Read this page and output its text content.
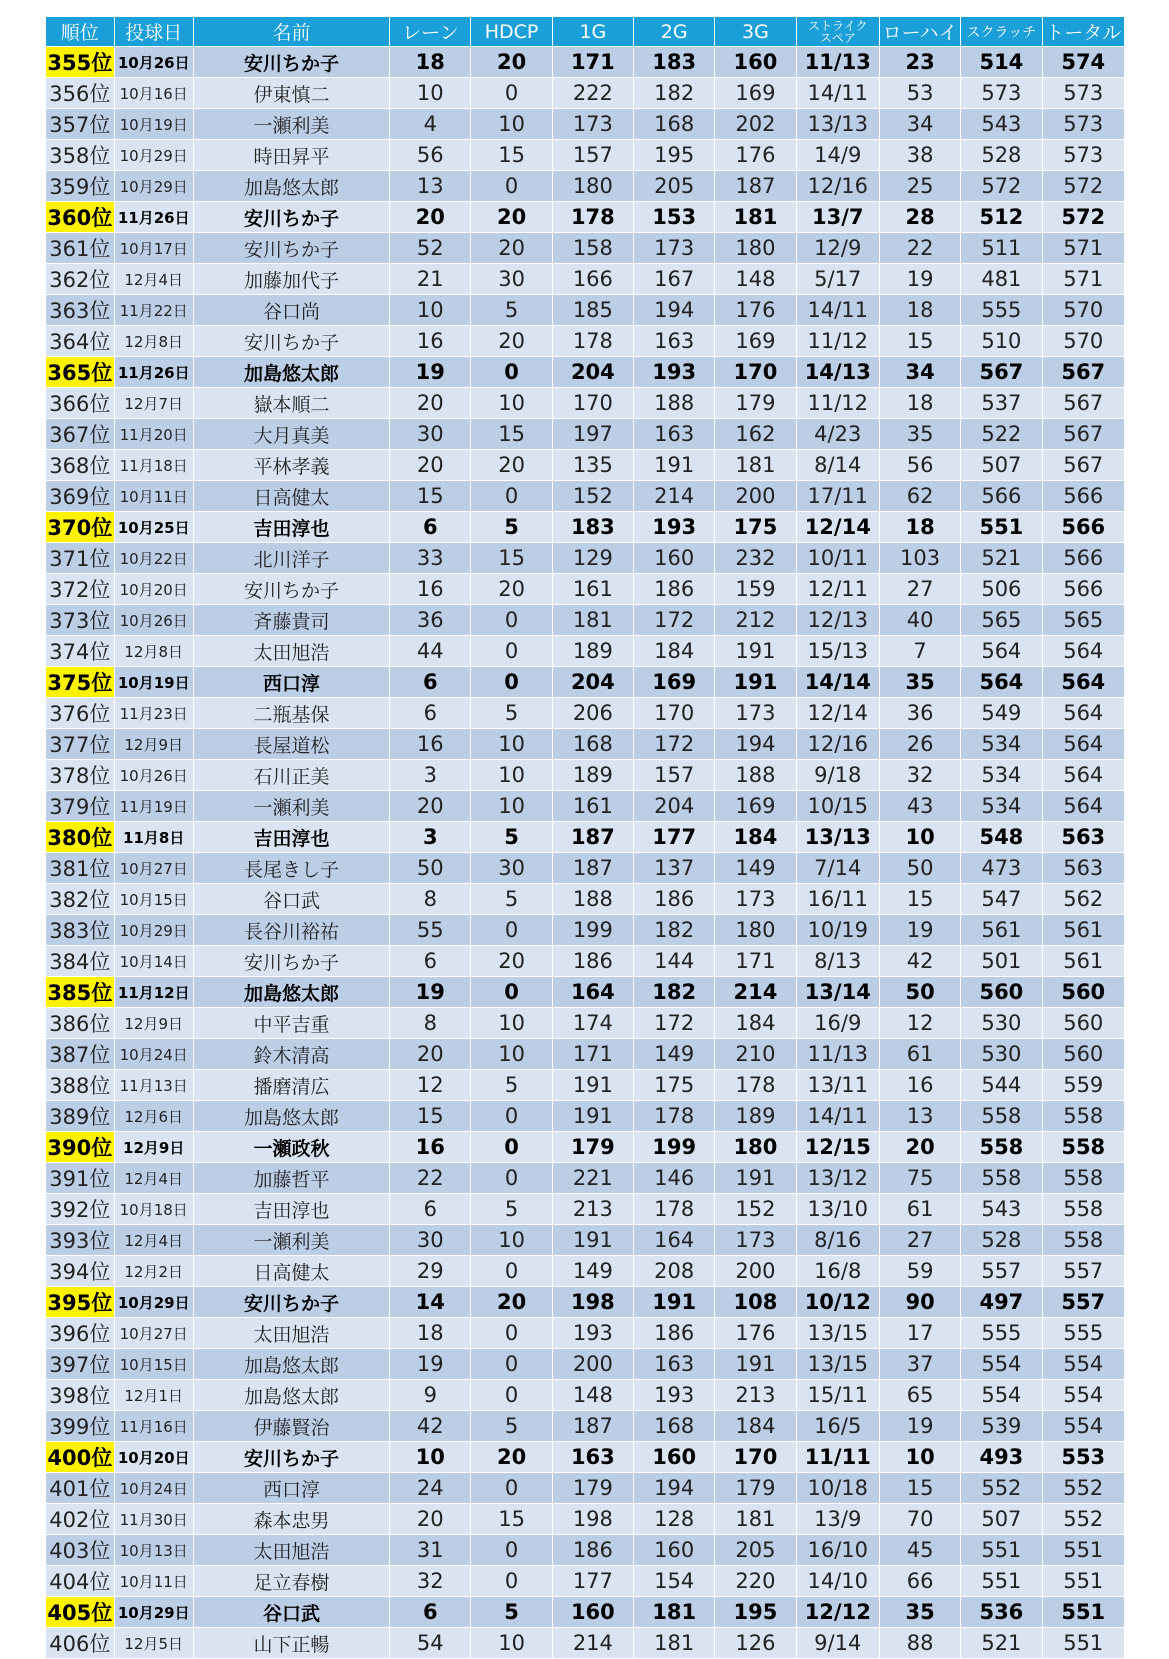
順位	投球日	名前	レーン	HDCP	1G	2G	3G	ストライク
スペア	ローハイ	スクラッチ	トータル
355位	10月26日	安川ちか子	18	20	171	183	160	11/13	23	514	574
356位	10月16日	伊東慎二	10	0	222	182	169	14/11	53	573	573
357位	10月19日	一瀬利美	4	10	173	168	202	13/13	34	543	573
358位	10月29日	時田昇平	56	15	157	195	176	14/9	38	528	573
359位	10月29日	加島悠太郎	13	0	180	205	187	12/16	25	572	572
360位	11月26日	安川ちか子	20	20	178	153	181	13/7	28	512	572
361位	10月17日	安川ちか子	52	20	158	173	180	12/9	22	511	571
362位	12月4日	加藤加代子	21	30	166	167	148	5/17	19	481	571
363位	11月22日	谷口尚	10	5	185	194	176	14/11	18	555	570
364位	12月8日	安川ちか子	16	20	178	163	169	11/12	15	510	570
365位	11月26日	加島悠太郎	19	0	204	193	170	14/13	34	567	567
366位	12月7日	嶽本順二	20	10	170	188	179	11/12	18	537	567
367位	11月20日	大月真美	30	15	197	163	162	4/23	35	522	567
368位	11月18日	平林孝義	20	20	135	191	181	8/14	56	507	567
369位	10月11日	日高健太	15	0	152	214	200	17/11	62	566	566
370位	10月25日	吉田淳也	6	5	183	193	175	12/14	18	551	566
371位	10月22日	北川洋子	33	15	129	160	232	10/11	103	521	566
372位	10月20日	安川ちか子	16	20	161	186	159	12/11	27	506	566
373位	10月26日	斉藤貴司	36	0	181	172	212	12/13	40	565	565
374位	12月8日	太田旭浩	44	0	189	184	191	15/13	7	564	564
375位	10月19日	西口淳	6	0	204	169	191	14/14	35	564	564
376位	11月23日	二瓶基保	6	5	206	170	173	12/14	36	549	564
377位	12月9日	長屋道松	16	10	168	172	194	12/16	26	534	564
378位	10月26日	石川正美	3	10	189	157	188	9/18	32	534	564
379位	11月19日	一瀬利美	20	10	161	204	169	10/15	43	534	564
380位	11月8日	吉田淳也	3	5	187	177	184	13/13	10	548	563
381位	10月27日	長尾きし子	50	30	187	137	149	7/14	50	473	563
382位	10月15日	谷口武	8	5	188	186	173	16/11	15	547	562
383位	10月29日	長谷川裕祐	55	0	199	182	180	10/19	19	561	561
384位	10月14日	安川ちか子	6	20	186	144	171	8/13	42	501	561
385位	11月12日	加島悠太郎	19	0	164	182	214	13/14	50	560	560
386位	12月9日	中平吉重	8	10	174	172	184	16/9	12	530	560
387位	10月24日	鈴木清高	20	10	171	149	210	11/13	61	530	560
388位	11月13日	播磨清広	12	5	191	175	178	13/11	16	544	559
389位	12月6日	加島悠太郎	15	0	191	178	189	14/11	13	558	558
390位	12月9日	一瀬政秋	16	0	179	199	180	12/15	20	558	558
391位	12月4日	加藤哲平	22	0	221	146	191	13/12	75	558	558
392位	10月18日	吉田淳也	6	5	213	178	152	13/10	61	543	558
393位	12月4日	一瀬利美	30	10	191	164	173	8/16	27	528	558
394位	12月2日	日高健太	29	0	149	208	200	16/8	59	557	557
395位	10月29日	安川ちか子	14	20	198	191	108	10/12	90	497	557
396位	10月27日	太田旭浩	18	0	193	186	176	13/15	17	555	555
397位	10月15日	加島悠太郎	19	0	200	163	191	13/15	37	554	554
398位	12月1日	加島悠太郎	9	0	148	193	213	15/11	65	554	554
399位	11月16日	伊藤賢治	42	5	187	168	184	16/5	19	539	554
400位	10月20日	安川ちか子	10	20	163	160	170	11/11	10	493	553
401位	10月24日	西口淳	24	0	179	194	179	10/18	15	552	552
402位	11月30日	森本忠男	20	15	198	128	181	13/9	70	507	552
403位	10月13日	太田旭浩	31	0	186	160	205	16/10	45	551	551
404位	10月11日	足立春樹	32	0	177	154	220	14/10	66	551	551
405位	10月29日	谷口武	6	5	160	181	195	12/12	35	536	551
406位	12月5日	山下正暢	54	10	214	181	126	9/14	88	521	551
